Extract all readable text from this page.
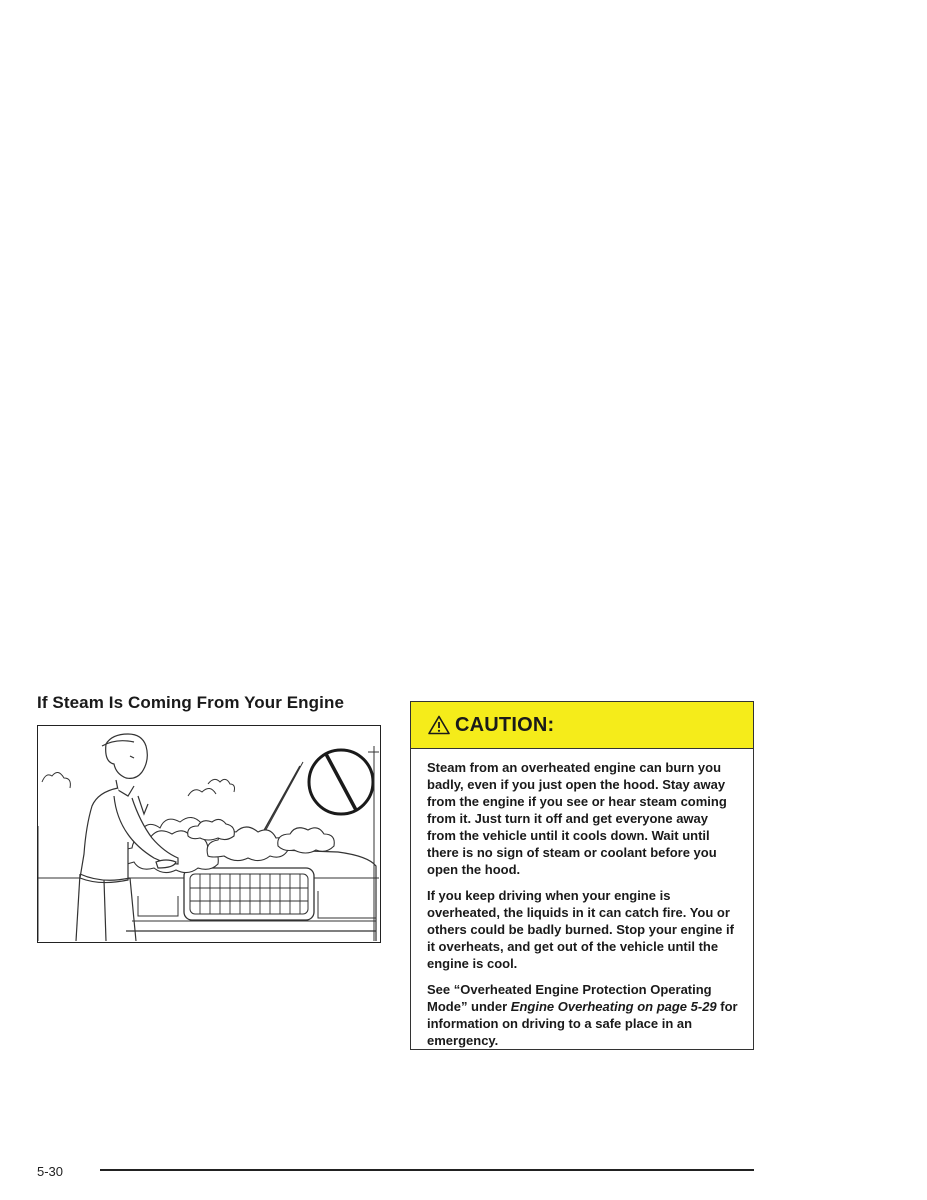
If Steam Is Coming From Your Engine
CAUTION:

Steam from an overheated engine can burn you badly, even if you just open the hood. Stay away from the engine if you see or hear steam coming from it. Just turn it off and get everyone away from the vehicle until it cools down. Wait until there is no sign of steam or coolant before you open the hood.

If you keep driving when your engine is overheated, the liquids in it can catch fire. You or others could be badly burned. Stop your engine if it overheats, and get out of the vehicle until the engine is cool.

See “Overheated Engine Protection Operating Mode” under Engine Overheating on page 5-29 for information on driving to a safe place in an emergency.

5-30
